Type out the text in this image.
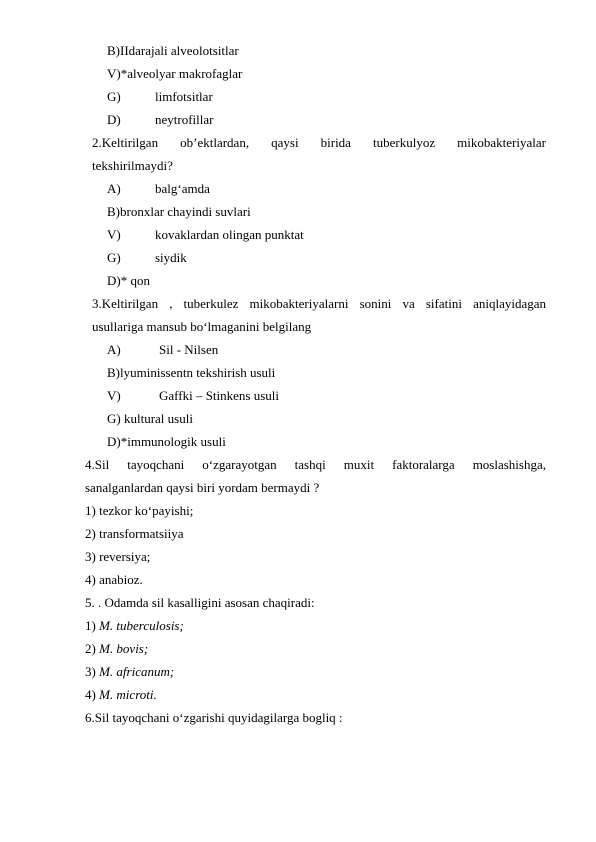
B)IIdarajali alveolotsitlar
V)*alveolyar makrofaglar
G)	limfotsitlar
D)	neytrofillar
2.Keltirilgan ob’ektlardan, qaysi birida tuberkulyoz mikobakteriyalar
tekshirilmaydi?
A)	balg‘amda
B)bronxlar chayindi suvlari
V)	kovaklardan olingan punktat
G)	siydik
D)* qon
3.Keltirilgan , tuberkulez mikobakteriyalarni sonini va sifatini aniqlayidagan
usullariga mansub bo‘lmaganini belgilang
A)	Sil - Nilsen
B)lyuminissentn tekshirish usuli
V)	Gaffki – Stinkens usuli
G) kultural usuli
D)*immunologik usuli
4.Sil tayoqchani o‘zgarayotgan tashqi muxit faktoralarga moslashishga,
sanalganlardan qaysi biri yordam bermaydi ?
1) tezkor ko‘payishi;
2) transformatsiiya
3) reversiya;
4) anabioz.
5. . Odamda sil kasalligini asosan chaqiradi:
1) M. tuberculosis;
2) M. bovis;
3) M. africanum;
4) M. microti.
6.Sil tayoqchani o‘zgarishi quyidagilarga bogliq :
